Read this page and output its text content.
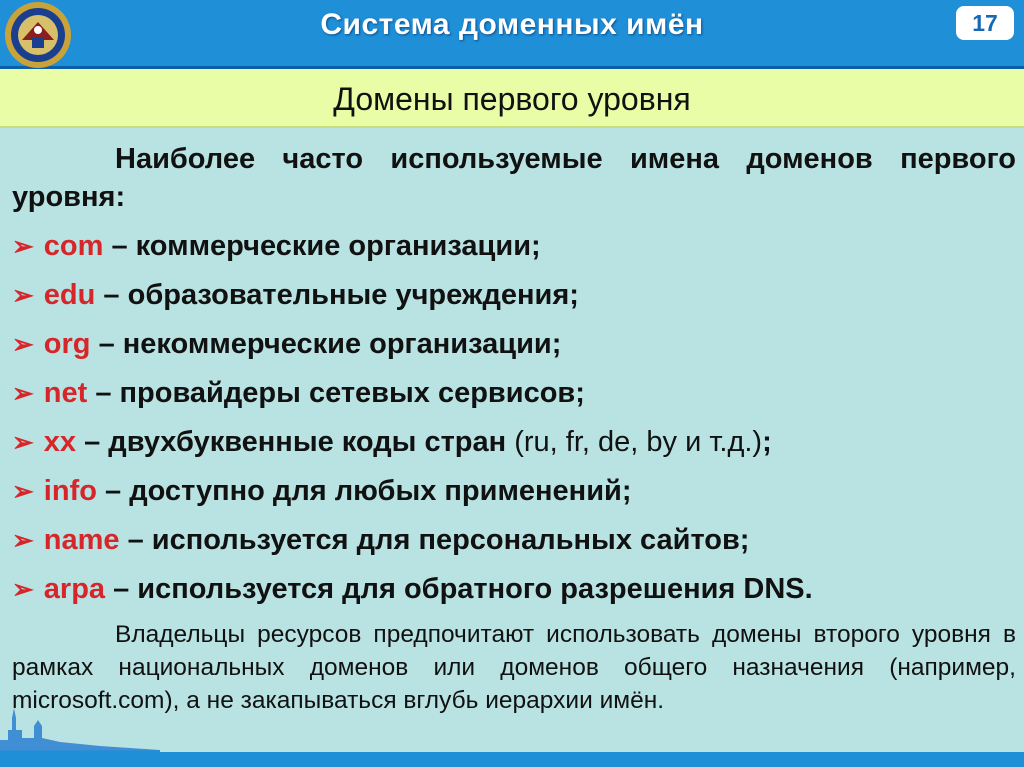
Система доменных имён	17
Домены первого уровня

Наиболее часто используемые имена доменов первого уровня:

➢ com – коммерческие организации;
➢ edu – образовательные учреждения;
➢ org – некоммерческие организации;
➢ net – провайдеры сетевых сервисов;
➢ xx – двухбуквенные коды стран (ru, fr, de, by и т.д.);
➢ info – доступно для любых применений;
➢ name – используется для персональных сайтов;
➢ arpa – используется для обратного разрешения DNS.

Владельцы ресурсов предпочитают использовать домены второго уровня в рамках национальных доменов или доменов общего назначения (например, microsoft.com), а не закапываться вглубь иерархии имён.
